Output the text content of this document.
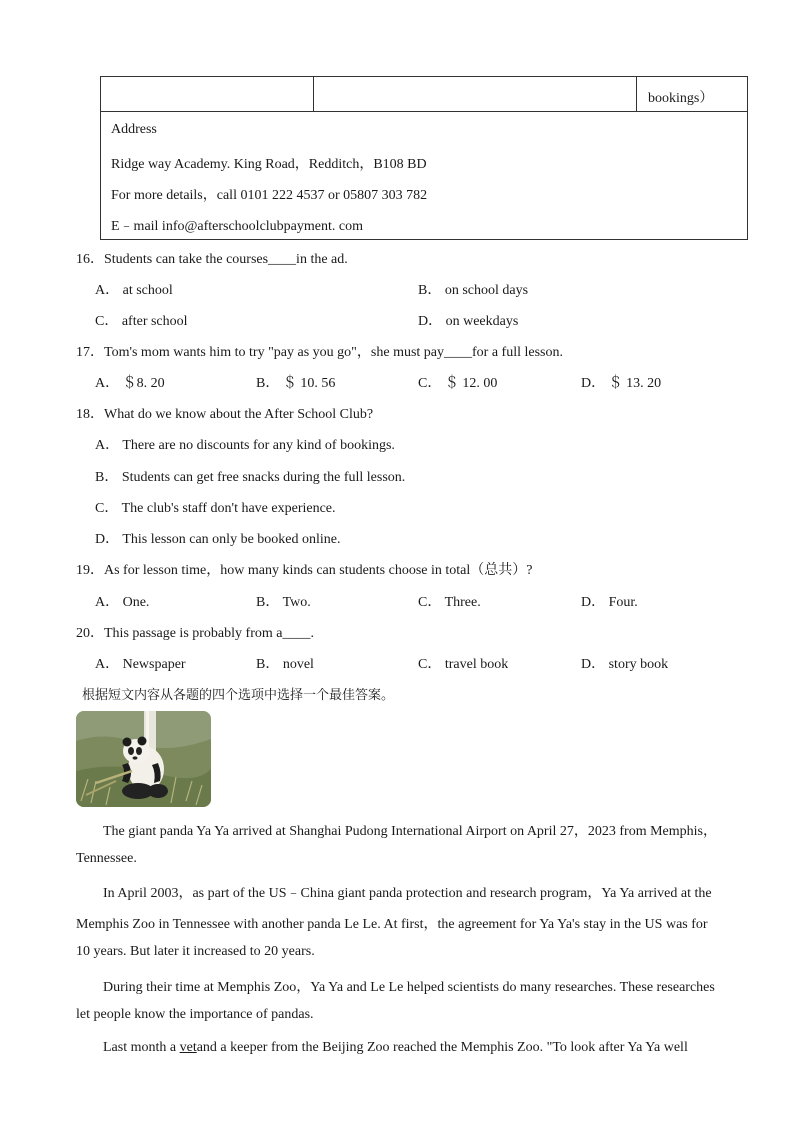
bookings）
Address
Ridge way Academy. King Road，Redditch，B108 BD
For more details，call 0101 222 4537 or 05807 303 782
E﹣mail info@afterschoolclubpayment. com
16．Students can take the courses____in the ad.
A． at school	B． on school days
C． after school	D． on weekdays
17．Tom's mom wants him to try "pay as you go"，she must pay____for a full lesson.
A． ＄8. 20	B． ＄ 10. 56	C． ＄ 12. 00	D． ＄ 13. 20
18．What do we know about the After School Club?
A． There are no discounts for any kind of bookings.
B． Students can get free snacks during the full lesson.
C． The club's staff don't have experience.
D． This lesson can only be booked online.
19．As for lesson time，how many kinds can students choose in total（总共）?
A． One.	B． Two.	C． Three.	D． Four.
20．This passage is probably from a____.
A． Newspaper	B． novel	C． travel book	D． story book
根据短文内容从各题的四个选项中选择一个最佳答案。
The giant panda Ya Ya arrived at Shanghai Pudong International Airport on April 27，2023 from Memphis，
Tennessee.
In April 2003，as part of the US﹣China giant panda protection and research program，Ya Ya arrived at the
Memphis Zoo in Tennessee with another panda Le Le. At first，the agreement for Ya Ya's stay in the US was for
10 years. But later it increased to 20 years.
During their time at Memphis Zoo，Ya Ya and Le Le helped scientists do many researches. These researches
let people know the importance of pandas.
Last month a vetand a keeper from the Beijing Zoo reached the Memphis Zoo. "To look after Ya Ya well
